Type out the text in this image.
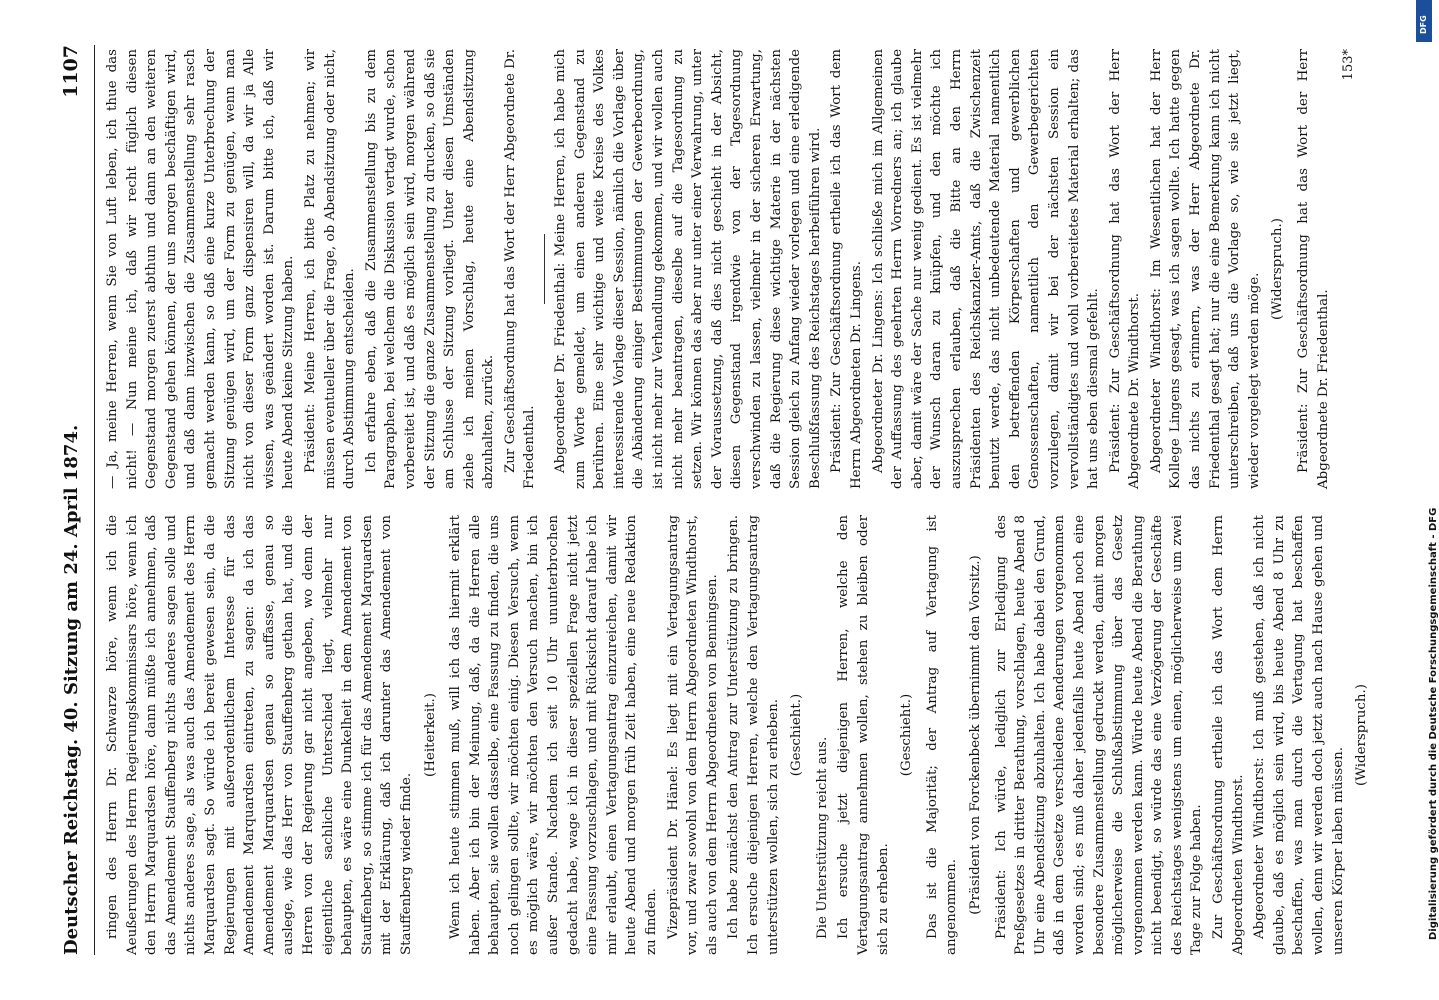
Deutscher Reichstag. 40. Sitzung am 24. April 1874.
1107

ringen des Herrn Dr. Schwarze höre, wenn ich die Aeußerungen des Herrn Regierungskommissars höre, wenn ich den Herrn Marquardsen höre, dann müßte ich annehmen, daß das Amendement Stauffenberg nichts anderes sagen solle und nichts anderes sage, als was auch das Amendement des Herrn Marquardsen sagt. So würde ich bereit gewesen sein, da die Regierungen mit außerordentlichem Interesse für das Amendement Marquardsen eintreten, zu sagen: da ich das Amendement Marquardsen genau so auffasse, genau so auslege, wie das Herr von Stauffenberg gethan hat, und die Herren von der Regierung gar nicht angeben, wo denn der eigentliche sachliche Unterschied liegt, vielmehr nur behaupten, es wäre eine Dunkelheit in dem Amendement von Stauffenberg, so stimme ich für das Amendement Marquardsen mit der Erklärung, daß ich darunter das Amendement von Stauffenberg wieder finde.

(Heiterkeit.) Wenn ich heute stimmen muß, will ich das hiermit erklärt haben. Aber ich bin der Meinung, daß, da die Herren alle behaupten, sie wollen dasselbe, eine Fassung zu finden, die uns noch gelingen sollte, wir möchten einig. Diesen Versuch, wenn es möglich wäre, wir möchten den Versuch machen, bin ich außer Stande. Nachdem ich seit 10 Uhr ununterbrochen gedacht habe, wage ich in dieser speziellen Frage nicht jetzt eine Fassung vorzuschlagen, und mit Rücksicht darauf habe ich mir erlaubt, einen Vertagungsantrag einzureichen, damit wir heute Abend und morgen früh Zeit haben, eine neue Redaktion zu finden. Vizepräsident Dr. Hänel: Es liegt mit ein Vertagungsantrag vor, und zwar sowohl von dem Herrn Abgeordneten Windthorst, als auch von dem Herrn Abgeordneten von Benningsen. Ich habe zunächst den Antrag zur Unterstützung zu bringen. Ich ersuche diejenigen Herren, welche den Vertagungsantrag unterstützen wollen, sich zu erheben. (Geschieht.)

Die Unterstützung reicht aus. Ich ersuche jetzt diejenigen Herren, welche den Vertagungsantrag annehmen wollen, stehen zu bleiben oder sich zu erheben.

(Geschieht.) Das ist die Majorität; der Antrag auf Vertagung ist angenommen. (Präsident von Forckenbeck übernimmt den Vorsitz.) Präsident: Ich würde, lediglich zur Erledigung des Preßgesetzes in dritter Berathung, vorschlagen, heute Abend 8 Uhr eine Abendsitzung abzuhalten. Ich habe dabei den Grund, daß in dem Gesetze verschiedene Aenderungen vorgenommen worden sind; es muß daher jedenfalls heute Abend noch eine besondere Zusammenstellung gedruckt werden, damit morgen möglicherweise die Schlußabstimmung über das Gesetz vorgenommen werden kann. Würde heute Abend die Berathung nicht beendigt, so würde das eine Verzögerung der Geschäfte des Reichstages wenigstens um einen, möglicherweise um zwei Tage zur Folge haben. Zur Geschäftsordnung ertheile ich das Wort dem Herrn Abgeordneten Windthorst. Abgeordneter Windthorst: Ich muß gestehen, daß ich nicht glaube, daß es möglich sein wird, bis heute Abend 8 Uhr zu beschaffen, was man durch die Vertagung hat beschaffen wollen, denn wir werden doch jetzt auch nach Hause gehen und unseren Körper laben müssen.

(Widerspruch.)

— Ja, meine Herren, wenn Sie von Luft leben, ich thue das nicht! — Nun meine ich, daß wir recht füglich diesen Gegenstand morgen zuerst abthun und dann an den weiteren Gegenstand gehen können, der uns morgen beschäftigen wird, und daß dann inzwischen die Zusammenstellung sehr rasch gemacht werden kann, so daß eine kurze Unterbrechung der Sitzung genügen wird, um der Form zu genügen, wenn man nicht von dieser Form ganz dispensiren will, da wir ja Alle wissen, was geändert worden ist. Darum bitte ich, daß wir heute Abend keine Sitzung haben. Präsident: Meine Herren, ich bitte Platz zu nehmen; wir müssen eventueller über die Frage, ob Abendsitzung oder nicht, durch Abstimmung entscheiden. Ich erfahre eben, daß die Zusammenstellung bis zu dem Paragraphen, bei welchem die Diskussion vertagt wurde, schon vorbereitet ist, und daß es möglich sein wird, morgen während der Sitzung die ganze Zusammenstellung zu drucken, so daß sie am Schlusse der Sitzung vorliegt. Unter diesen Umständen ziehe ich meinen Vorschlag, heute eine Abendsitzung abzuhalten, zurück. Zur Geschäftsordnung hat das Wort der Herr Abgeordnete Dr. Friedenthal. Abgeordneter Dr. Friedenthal: Meine Herren, ich habe mich zum Worte gemeldet, um einen anderen Gegenstand zu berühren. Eine sehr wichtige und weite Kreise des Volkes interessirende Vorlage dieser Session, nämlich die Vorlage über die Abänderung einiger Bestimmungen der Gewerbeordnung, ist nicht mehr zur Verhandlung gekommen, und wir wollen auch nicht mehr beantragen, dieselbe auf die Tagesordnung zu setzen. Wir können das aber nur unter einer Verwahrung, unter der Voraussetzung, daß dies nicht geschieht in der Absicht, diesen Gegenstand irgendwie von der Tagesordnung verschwinden zu lassen, vielmehr in der sicheren Erwartung, daß die Regierung diese wichtige Materie in der nächsten Session gleich zu Anfang wieder vorlegen und eine erledigende Beschlußfassung des Reichstages herbeiführen wird. Präsident: Zur Geschäftsordnung ertheile ich das Wort dem Herrn Abgeordneten Dr. Lingens. Abgeordneter Dr. Lingens: Ich schließe mich im Allgemeinen der Auffassung des geehrten Herrn Vorredners an; ich glaube aber, damit wäre der Sache nur wenig gedient. Es ist vielmehr der Wunsch daran zu knüpfen, und den möchte ich auszusprechen erlauben, daß die Bitte an den Herrn Präsidenten des Reichskanzler-Amts, daß die Zwischenzeit benutzt werde, das nicht unbedeutende Material namentlich den betreffenden Körperschaften und gewerblichen Genossenschaften, namentlich den Gewerbegerichten vorzulegen, damit wir bei der nächsten Session ein vervollständigtes und wohl vorbereitetes Material erhalten; das hat uns eben diesmal gefehlt. Präsident: Zur Geschäftsordnung hat das Wort der Herr Abgeordnete Dr. Windthorst. Abgeordneter Windthorst: Im Wesentlichen hat der Herr Kollege Lingens gesagt, was ich sagen wollte. Ich hatte gegen das nichts zu erinnern, was der Herr Abgeordnete Dr. Friedenthal gesagt hat; nur die eine Bemerkung kann ich nicht unterschreiben, daß uns die Vorlage so, wie sie jetzt liegt, wieder vorgelegt werden möge.

(Widerspruch.) Präsident: Zur Geschäftsordnung hat das Wort der Herr Abgeordnete Dr. Friedenthal.

153*
DFG
Digitalisierung gefördert durch die Deutsche Forschungsgemeinschaft - DFG
